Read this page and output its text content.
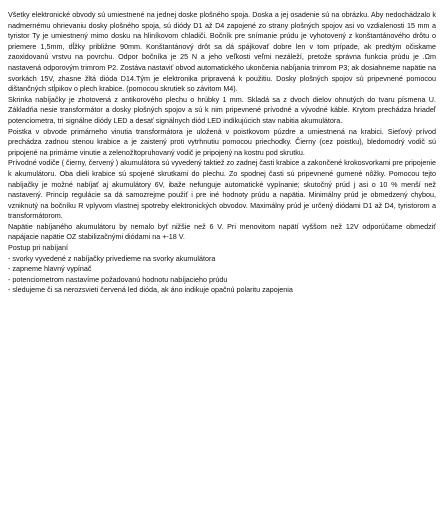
Všetky elektronické obvody sú umiestnené na jednej doske plošného spoja. Doska a jej osadenie sú na obrázku. Aby nedochádzalo k nadmernému ohrievaniu dosky plošného spoja, sú diódy D1 až D4 zapojené zo strany plošných spojov asi vo vzdialenosti 15 mm a tyristor Ty je umiestnený mimo dosku na hliníkovom chladiči. Bočník pre snímanie prúdu je vyhotovený z konštantánového drôtu o priemere 1,5mm, dĺžky približne 90mm. Konštantánový drôt sa dá spájkovať dobre len v tom prípade, ak predtým očiskame zaoxidovanú vrstvu na povrchu. Odpor bočníka je 25 N a jeho veľkosti veľmi nezáleží, pretože správna funkcia prúdu je .Ωm nastavená odporovým trimrom P2. Zostáva nastaviť obvod automatického ukončenia nabíjania trimrom P3; ak dosiahneme napätie na svorkách 15V, zhasne žltá dióda D14.Tým je elektronika pripravená k použitiu. Dosky plošných spojov sú pripevnené pomocou dištančných stĺpikov o plech krabice. (pomocou skrutiek so závitom M4).

Skrinka nabíjačky je zhotovená z antikorového plechu o hrúbky 1 mm. Skladá sa z dvoch dielov ohnutých do tvaru písmena U. Základňa nesie transformátor a dosky plošných spojov a sú k nim pripevnené prívodné a vývodné káble. Krytom prechádza hriadeľ potenciometra, tri signálne diódy LED a desať signálnych diód LED indikujúcich stav nabitia akumulátora.

Poistka v obvode primárneho vinutia transformátora je uložená v poistkovom púzdre a umiestnená na krabici. Sieťový prívod prechádza zadnou stenou krabice a je zaistený proti vytrhnutiu pomocou priechodky. Čierny (cez poistku), bledomodrý vodič sú pripojené na primárne vinutie a zelenožltopruhovaný vodič je pripojený na kostru pod skrutku.

Prívodné vodiče ( čierny, červený ) akumulátora sú vyvedený taktiež zo zadnej časti krabice a zakončené krokosvorkami pre pripojenie k akumulátoru. Oba dieli krabice sú spojené skrutkami do plechu. Zo spodnej časti sú pripevnené gumené nôžky. Pomocou tejto nabíjačky je možné nabíjať aj akumulátory 6V, ibaže nefunguje automatické vypínanie; skutočný prúd j asi o 10 % menší než nastavený. Princíp regulácie sa dá samozrejme použiť i pre iné hodnoty prúdu a napätia. Minimálny prúd je obmedzený chybou, vzniknutý na bočníku R vplyvom vlastnej spotreby elektronických obvodov. Maximálny prúd je určený diódami D1 až D4, tyristorom a transformátorom.

Napätie nabíjaného akumulátoru by nemalo byť nižšie než 6 V. Pri menovitom napätí vyššom než 12V odporúčame obmedziť napájacie napätie OZ stabilizačnými diódami na +-18 V.

Postup pri nabíjaní

- svorky vyvedené z nabíjačky privedieme na svorky akumulátora
- zapneme hlavný vypínač
- potenciometrom nastavíme požadovanú hodnotu nabíjacieho prúdu
- sledujeme či sa nerozsvieti červená led dióda, ak áno indikuje opačnú polaritu zapojenia
